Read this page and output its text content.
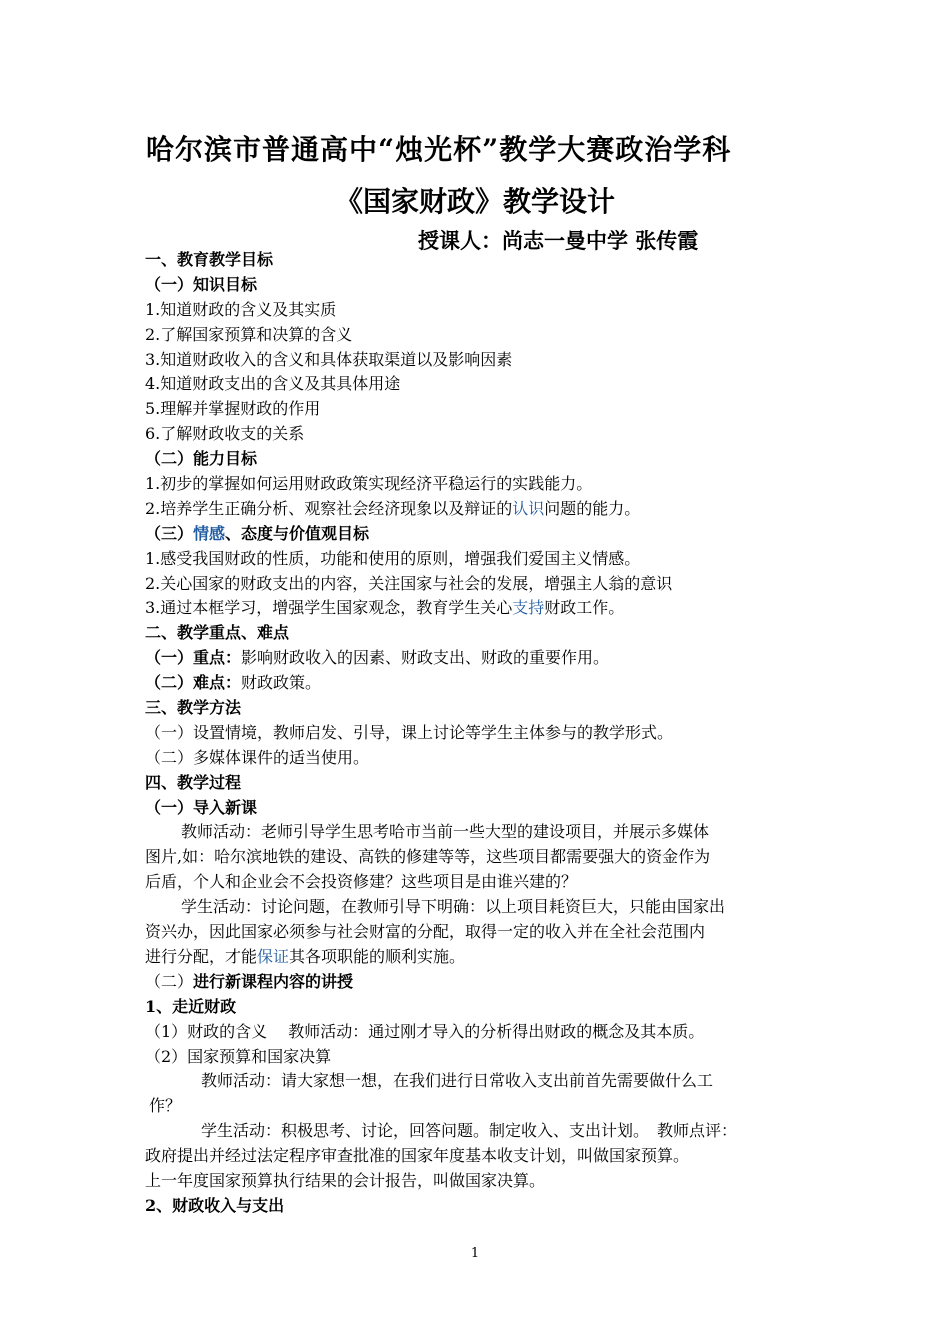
哈尔滨市普通高中“烛光杯”教学大赛政治学科
《国家财政》教学设计
授课人：尚志一曼中学 张传霞
一、教育教学目标
（一）知识目标
1.知道财政的含义及其实质
2.了解国家预算和决算的含义
3.知道财政收入的含义和具体获取渠道以及影响因素
4.知道财政支出的含义及其具体用途
5.理解并掌握财政的作用
6.了解财政收支的关系
（二）能力目标
1.初步的掌握如何运用财政政策实现经济平稳运行的实践能力。
2.培养学生正确分析、观察社会经济现象以及辩证的认识问题的能力。
（三）情感、态度与价值观目标
1.感受我国财政的性质，功能和使用的原则，增强我们爱国主义情感。
2.关心国家的财政支出的内容，关注国家与社会的发展，增强主人翁的意识
3.通过本框学习，增强学生国家观念，教育学生关心支持财政工作。
二、教学重点、难点
（一）重点：影响财政收入的因素、财政支出、财政的重要作用。
（二）难点：财政政策。
三、教学方法
（一）设置情境，教师启发、引导，课上讨论等学生主体参与的教学形式。
（二）多媒体课件的适当使用。
四、教学过程
（一）导入新课
教师活动：老师引导学生思考哈市当前一些大型的建设项目，并展示多媒体
图片,如：哈尔滨地铁的建设、高铁的修建等等，这些项目都需要强大的资金作为
后盾，个人和企业会不会投资修建？这些项目是由谁兴建的？
学生活动：讨论问题，在教师引导下明确：以上项目耗资巨大，只能由国家出
资兴办，因此国家必须参与社会财富的分配，取得一定的收入并在全社会范围内
进行分配，才能保证其各项职能的顺利实施。
（二）进行新课程内容的讲授
1、走近财政
（1）财政的含义　 教师活动：通过刚才导入的分析得出财政的概念及其本质。
（2）国家预算和国家决算
教师活动：请大家想一想，在我们进行日常收入支出前首先需要做什么工
作？
学生活动：积极思考、讨论，回答问题。制定收入、支出计划。　教师点评：
政府提出并经过法定程序审查批准的国家年度基本收支计划，叫做国家预算。
上一年度国家预算执行结果的会计报告，叫做国家决算。
2、财政收入与支出
1
